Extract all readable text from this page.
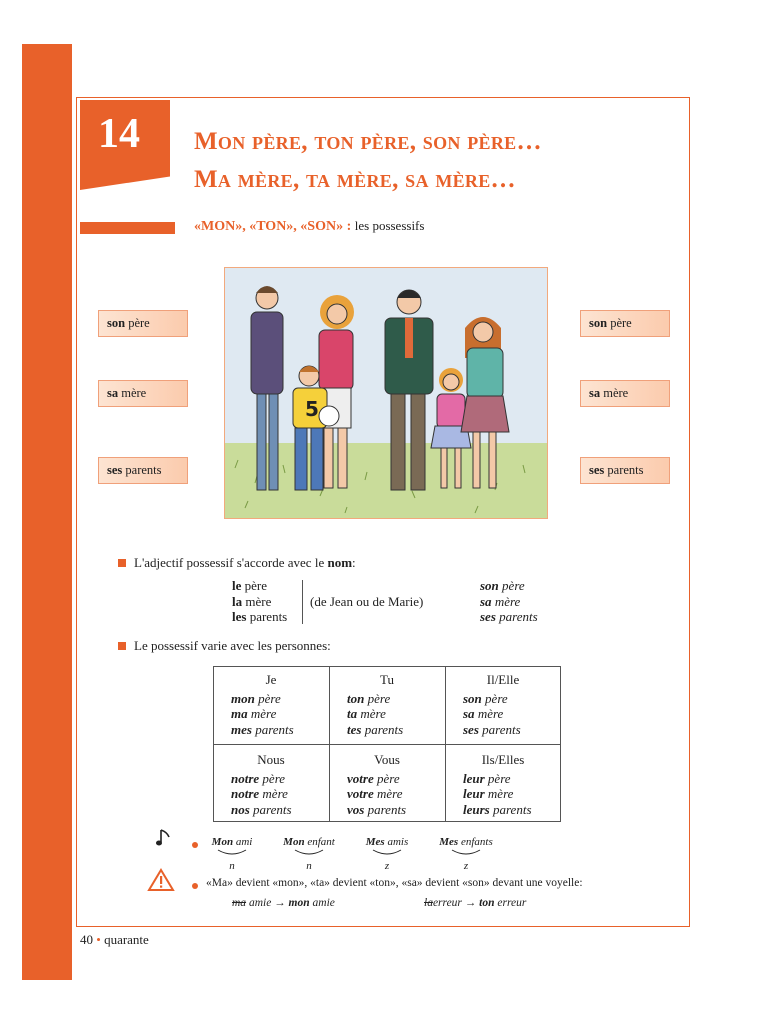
14	Mon père, ton père, son père…
Ma mère, ta mère, sa mère…
«MON», «TON», «SON» : les possessifs
5
son père
sa mère
ses parents
son père
sa mère
ses parents
L'adjectif possessif s'accorde avec le nom:
le père
la mère
les parents
(de Jean ou de Marie)
son père
sa mère
ses parents
Le possessif varie avec les personnes:
Je
mon père
ma mère
mes parents
Tu
ton père
ta mère
tes parents
Il/Elle
son père
sa mère
ses parents
Nous
notre père
notre mère
nos parents
Vous
votre père
votre mère
vos parents
Ils/Elles
leur père
leur mère
leurs parents
Mon ami
n
Mon enfant
n
Mes amis
z
Mes enfants
z
«Ma» devient «mon», «ta» devient «ton», «sa» devient «son» devant une voyelle:
ma amie → mon amie	laerreur → ton erreur
40 • quarante
